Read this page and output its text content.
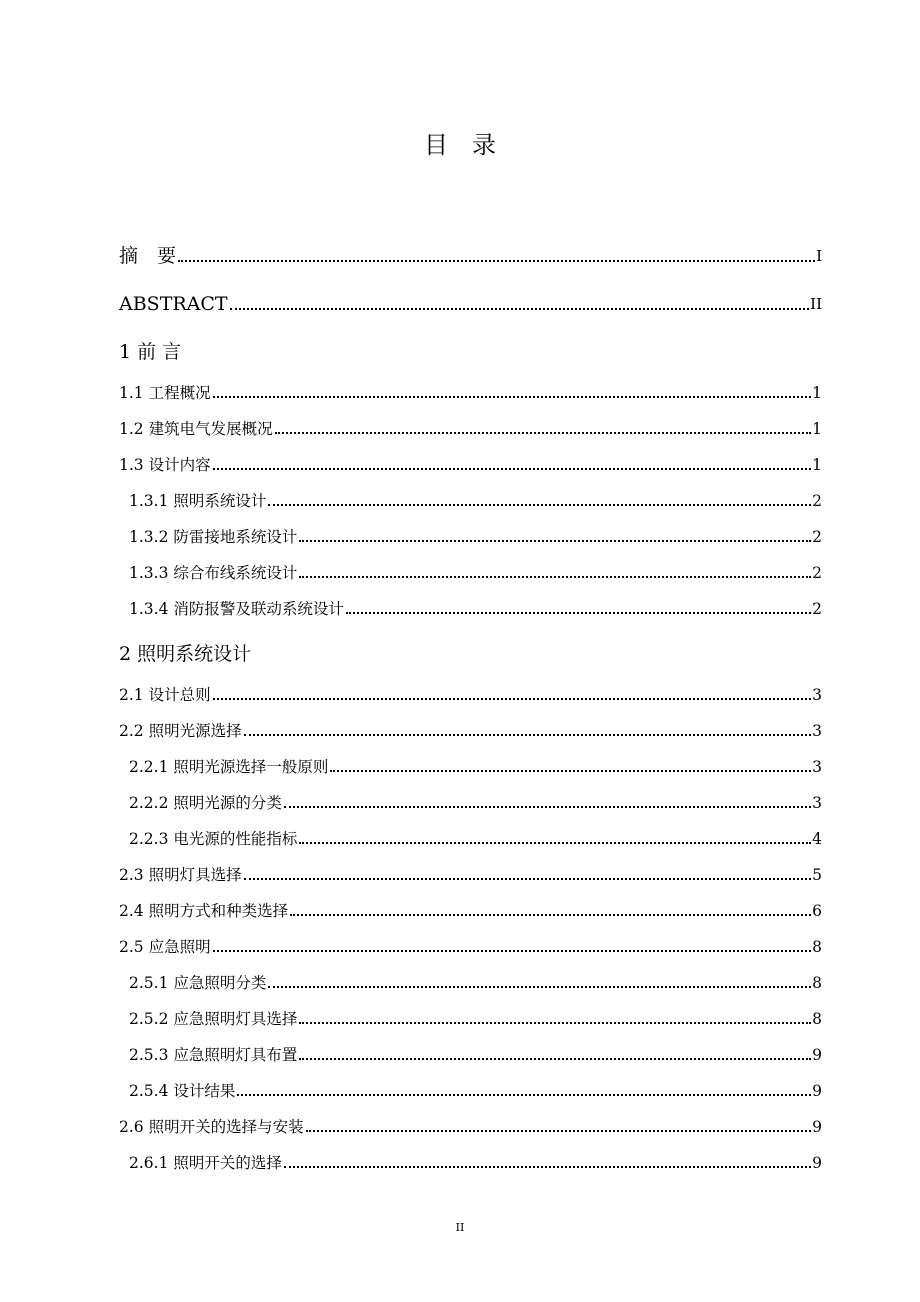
目录
摘　要	I
ABSTRACT	II
1 前 言
1.1 工程概况	1
1.2 建筑电气发展概况	1
1.3 设计内容	1
1.3.1 照明系统设计	2
1.3.2 防雷接地系统设计	2
1.3.3 综合布线系统设计	2
1.3.4 消防报警及联动系统设计	2
2 照明系统设计
2.1 设计总则	3
2.2 照明光源选择	3
2.2.1 照明光源选择一般原则	3
2.2.2 照明光源的分类	3
2.2.3 电光源的性能指标	4
2.3 照明灯具选择	5
2.4 照明方式和种类选择	6
2.5 应急照明	8
2.5.1 应急照明分类	8
2.5.2 应急照明灯具选择	8
2.5.3 应急照明灯具布置	9
2.5.4 设计结果	9
2.6 照明开关的选择与安装	9
2.6.1 照明开关的选择	9
II
